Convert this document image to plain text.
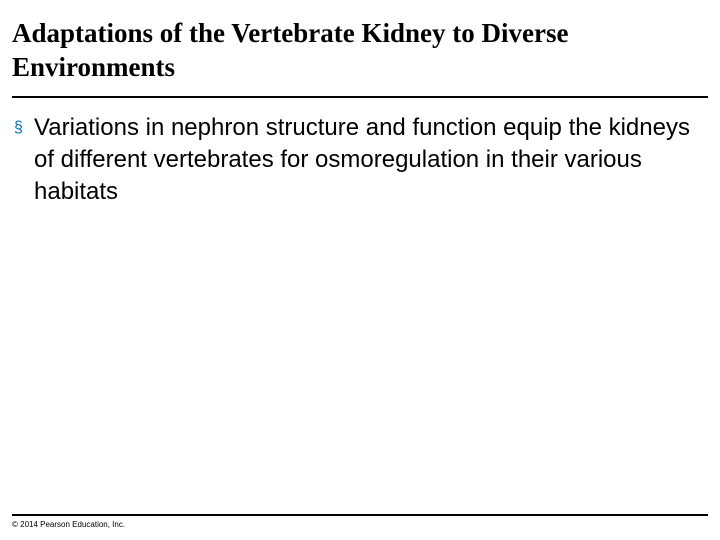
Adaptations of the Vertebrate Kidney to Diverse Environments
§ Variations in nephron structure and function equip the kidneys of different vertebrates for osmoregulation in their various habitats
© 2014 Pearson Education, Inc.
